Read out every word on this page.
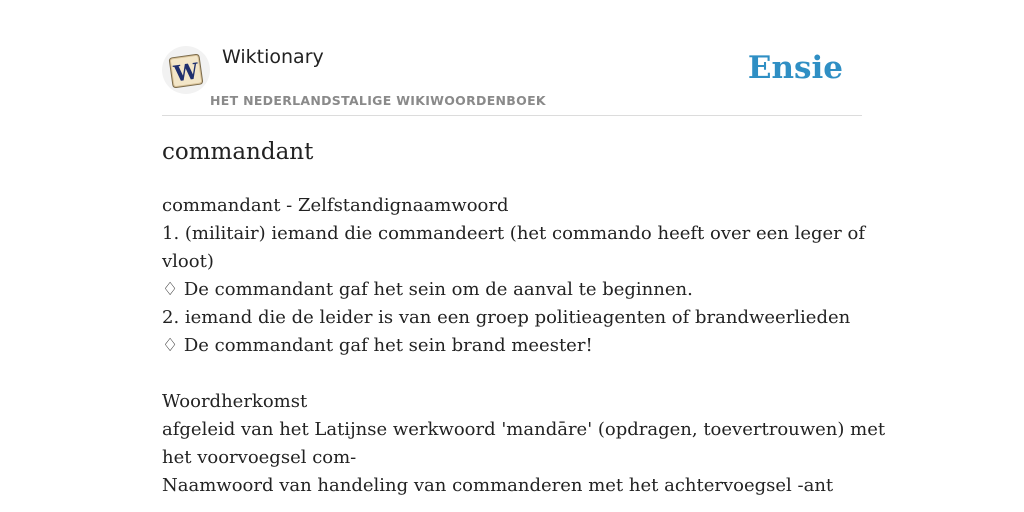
W
Wiktionary
HET NEDERLANDSTALIGE WIKIWOORDENBOEK
Ensie
commandant
commandant - Zelfstandignaamwoord
1. (militair) iemand die commandeert (het commando heeft over een leger of
vloot)
♢ De commandant gaf het sein om de aanval te beginnen.
2. iemand die de leider is van een groep politieagenten of brandweerlieden
♢ De commandant gaf het sein brand meester!
Woordherkomst
afgeleid van het Latijnse werkwoord 'mandāre' (opdragen, toevertrouwen) met
het voorvoegsel com-
Naamwoord van handeling van commanderen met het achtervoegsel -ant
